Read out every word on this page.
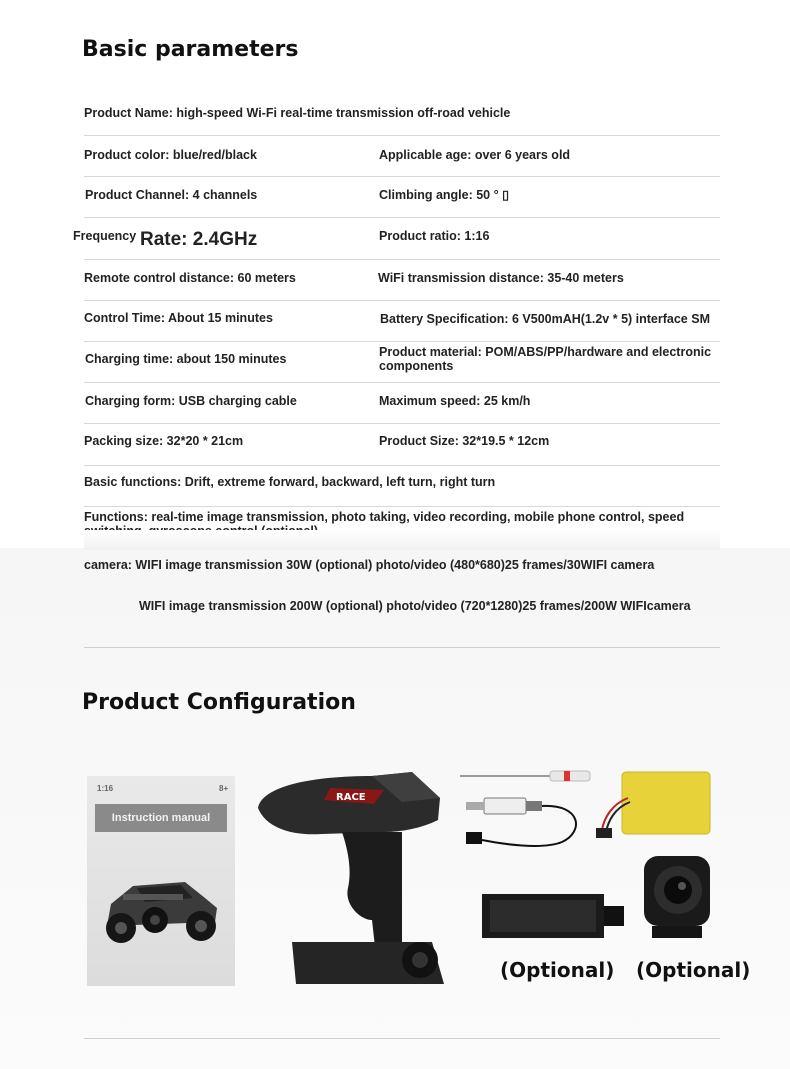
Basic parameters
Product Name: high-speed Wi-Fi real-time transmission off-road vehicle
Product color: blue/red/black	Applicable age: over 6 years old
Product Channel: 4 channels	Climbing angle: 50 ° ▯
Frequency Rate: 2.4GHz	Product ratio: 1:16
Remote control distance: 60 meters	WiFi transmission distance: 35-40 meters
Control Time: About 15 minutes	Battery Specification: 6 V500mAH(1.2v * 5) interface SM
Charging time: about 150 minutes	Product material: POM/ABS/PP/hardware and electronic components
Charging form: USB charging cable	Maximum speed: 25 km/h
Packing size: 32*20 * 21cm	Product Size: 32*19.5 * 12cm
Basic functions: Drift, extreme forward, backward, left turn, right turn
Functions: real-time image transmission, photo taking, video recording, mobile phone control, speed
camera: WIFI image transmission 30W (optional) photo/video (480*680)25 frames/30WIFI camera
WIFI image transmission 200W (optional) photo/video (720*1280)25 frames/200W WIFIcamera
Product Configuration
1:16	8+
Instruction manual
RACE
(Optional) (Optional)
